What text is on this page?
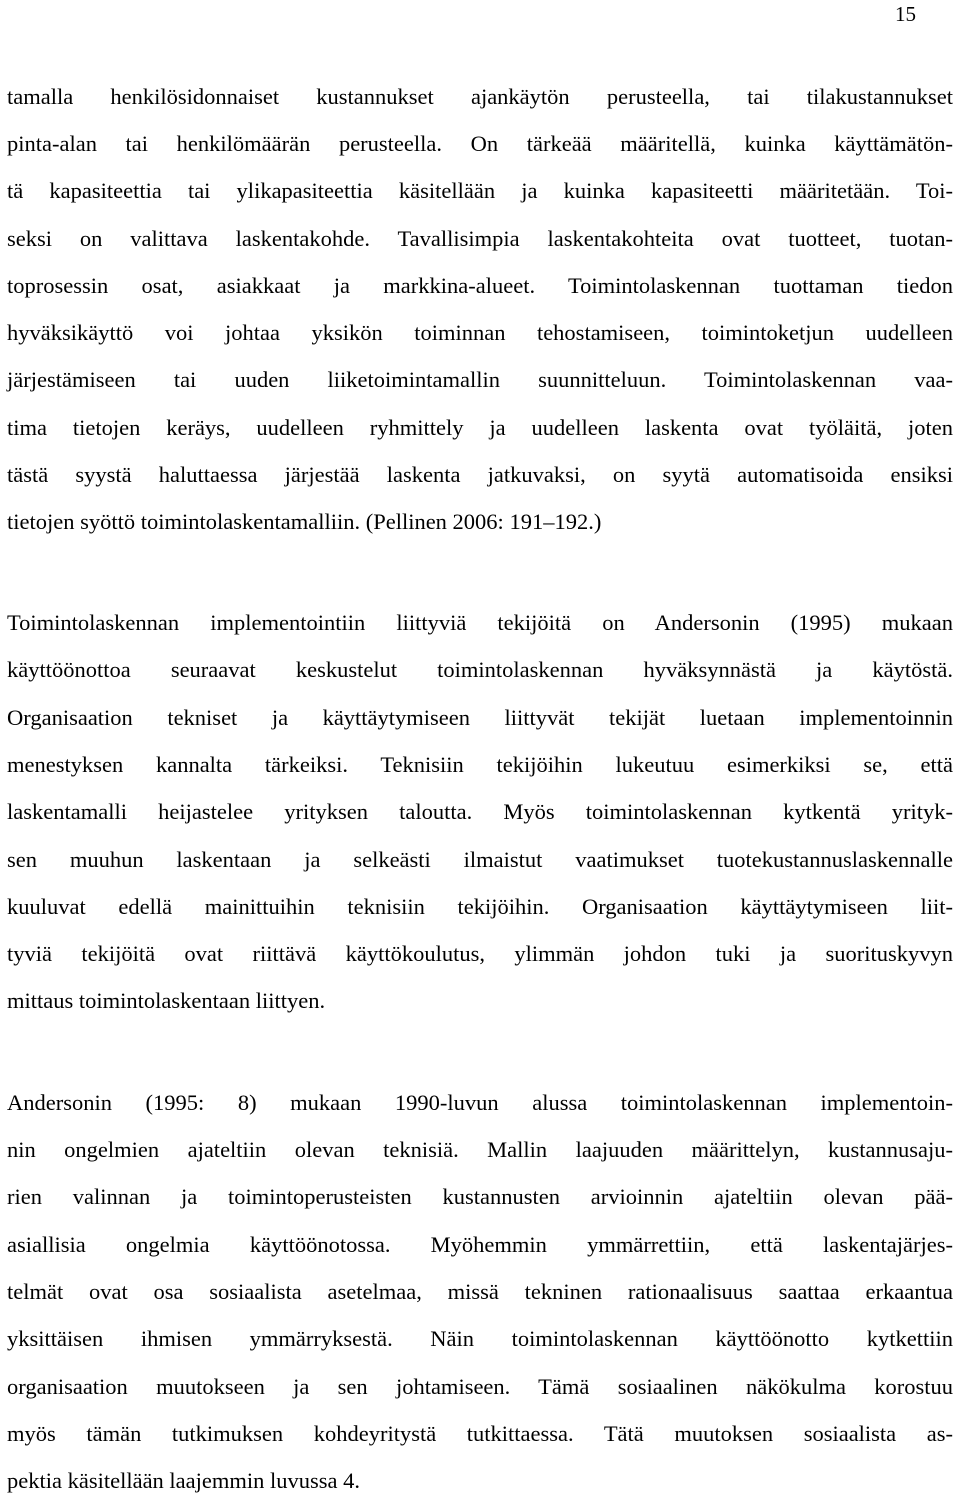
15
tamalla henkilösidonnaiset kustannukset ajankäytön perusteella, tai tilakustannukset
pinta-alan tai henkilömäärän perusteella. On tärkeää määritellä, kuinka käyttämätön-
tä kapasiteettia tai ylikapasiteettia käsitellään ja kuinka kapasiteetti määritetään. Toi-
seksi on valittava laskentakohde. Tavallisimpia laskentakohteita ovat tuotteet, tuotan-
toprosessin osat, asiakkaat ja markkina-alueet. Toimintolaskennan tuottaman tiedon
hyväksikäyttö voi johtaa yksikön toiminnan tehostamiseen, toimintoketjun uudelleen
järjestämiseen tai uuden liiketoimintamallin suunnitteluun. Toimintolaskennan vaa-
tima tietojen keräys, uudelleen ryhmittely ja uudelleen laskenta ovat työläitä, joten
tästä syystä haluttaessa järjestää laskenta jatkuvaksi, on syytä automatisoida ensiksi
tietojen syöttö toimintolaskentamalliin. (Pellinen 2006: 191–192.)
Toimintolaskennan implementointiin liittyviä tekijöitä on Andersonin (1995) mukaan
käyttöönottoa seuraavat keskustelut toimintolaskennan hyväksynnästä ja käytöstä.
Organisaation tekniset ja käyttäytymiseen liittyvät tekijät luetaan implementoinnin
menestyksen kannalta tärkeiksi. Teknisiin tekijöihin lukeutuu esimerkiksi se, että
laskentamalli heijastelee yrityksen taloutta. Myös toimintolaskennan kytkentä yrityk-
sen muuhun laskentaan ja selkeästi ilmaistut vaatimukset tuotekustannuslaskennalle
kuuluvat edellä mainittuihin teknisiin tekijöihin. Organisaation käyttäytymiseen liit-
tyviä tekijöitä ovat riittävä käyttökoulutus, ylimmän johdon tuki ja suorituskyvyn
mittaus toimintolaskentaan liittyen.
Andersonin (1995: 8) mukaan 1990-luvun alussa toimintolaskennan implementoin-
nin ongelmien ajateltiin olevan teknisiä. Mallin laajuuden määrittelyn, kustannusaju-
rien valinnan ja toimintoperusteisten kustannusten arvioinnin ajateltiin olevan pää-
asiallisia ongelmia käyttöönotossa. Myöhemmin ymmärrettiin, että laskentajärjes-
telmät ovat osa sosiaalista asetelmaa, missä tekninen rationaalisuus saattaa erkaantua
yksittäisen ihmisen ymmärryksestä. Näin toimintolaskennan käyttöönotto kytkettiin
organisaation muutokseen ja sen johtamiseen. Tämä sosiaalinen näkökulma korostuu
myös tämän tutkimuksen kohdeyritystä tutkittaessa. Tätä muutoksen sosiaalista as-
pektia käsitellään laajemmin luvussa 4.
